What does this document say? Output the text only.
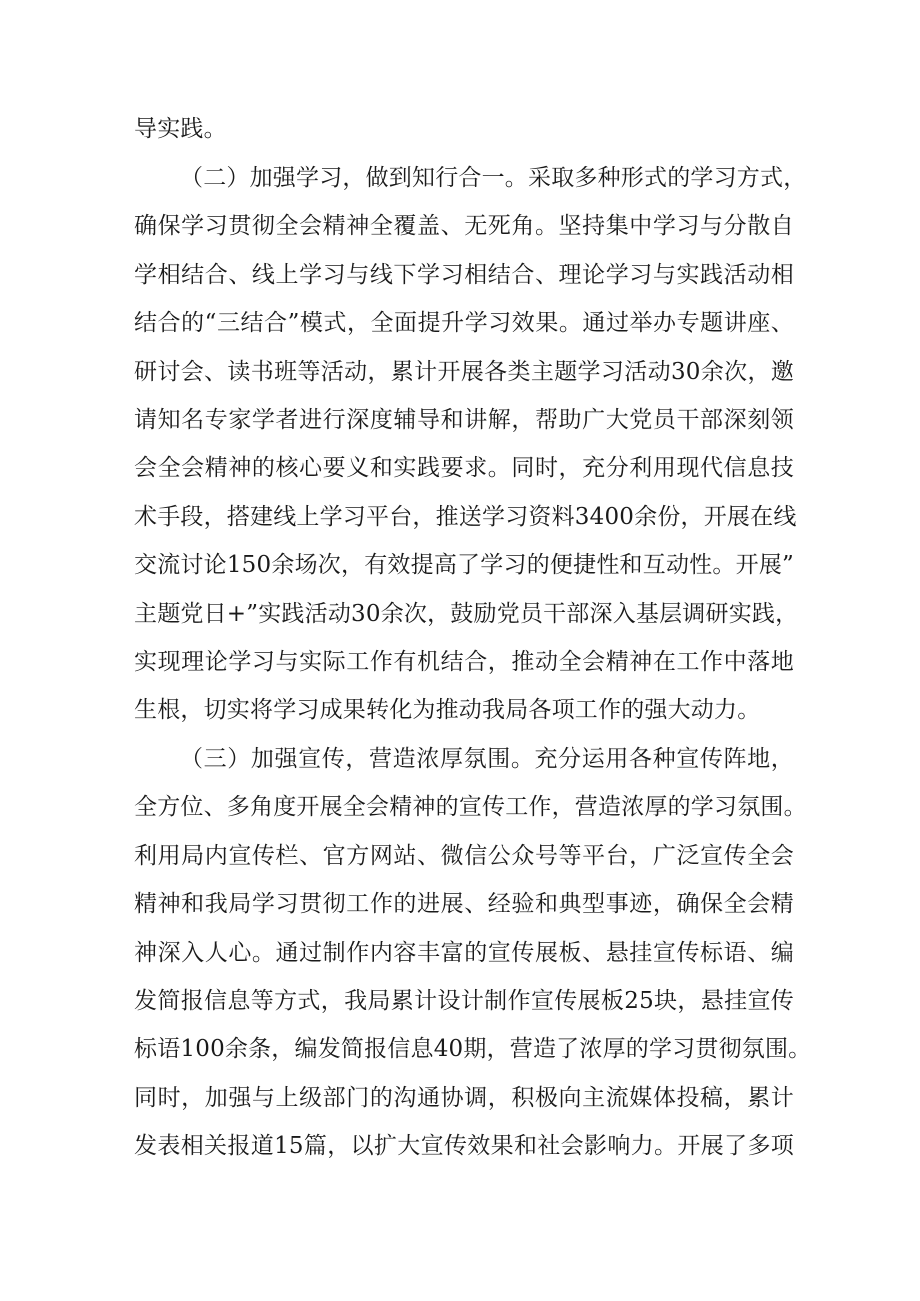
导实践。
（二）加强学习，做到知行合一。采取多种形式的学习方式，
确保学习贯彻全会精神全覆盖、无死角。坚持集中学习与分散自
学相结合、线上学习与线下学习相结合、理论学习与实践活动相
结合的“三结合”模式，全面提升学习效果。通过举办专题讲座、
研讨会、读书班等活动，累计开展各类主题学习活动30余次，邀
请知名专家学者进行深度辅导和讲解，帮助广大党员干部深刻领
会全会精神的核心要义和实践要求。同时，充分利用现代信息技
术手段，搭建线上学习平台，推送学习资料3400余份，开展在线
交流讨论150余场次，有效提高了学习的便捷性和互动性。开展”
主题党日+”实践活动30余次，鼓励党员干部深入基层调研实践，
实现理论学习与实际工作有机结合，推动全会精神在工作中落地
生根，切实将学习成果转化为推动我局各项工作的强大动力。
（三）加强宣传，营造浓厚氛围。充分运用各种宣传阵地，
全方位、多角度开展全会精神的宣传工作，营造浓厚的学习氛围。
利用局内宣传栏、官方网站、微信公众号等平台，广泛宣传全会
精神和我局学习贯彻工作的进展、经验和典型事迹，确保全会精
神深入人心。通过制作内容丰富的宣传展板、悬挂宣传标语、编
发简报信息等方式，我局累计设计制作宣传展板25块，悬挂宣传
标语100余条，编发简报信息40期，营造了浓厚的学习贯彻氛围。
同时，加强与上级部门的沟通协调，积极向主流媒体投稿，累计
发表相关报道15篇，以扩大宣传效果和社会影响力。开展了多项
